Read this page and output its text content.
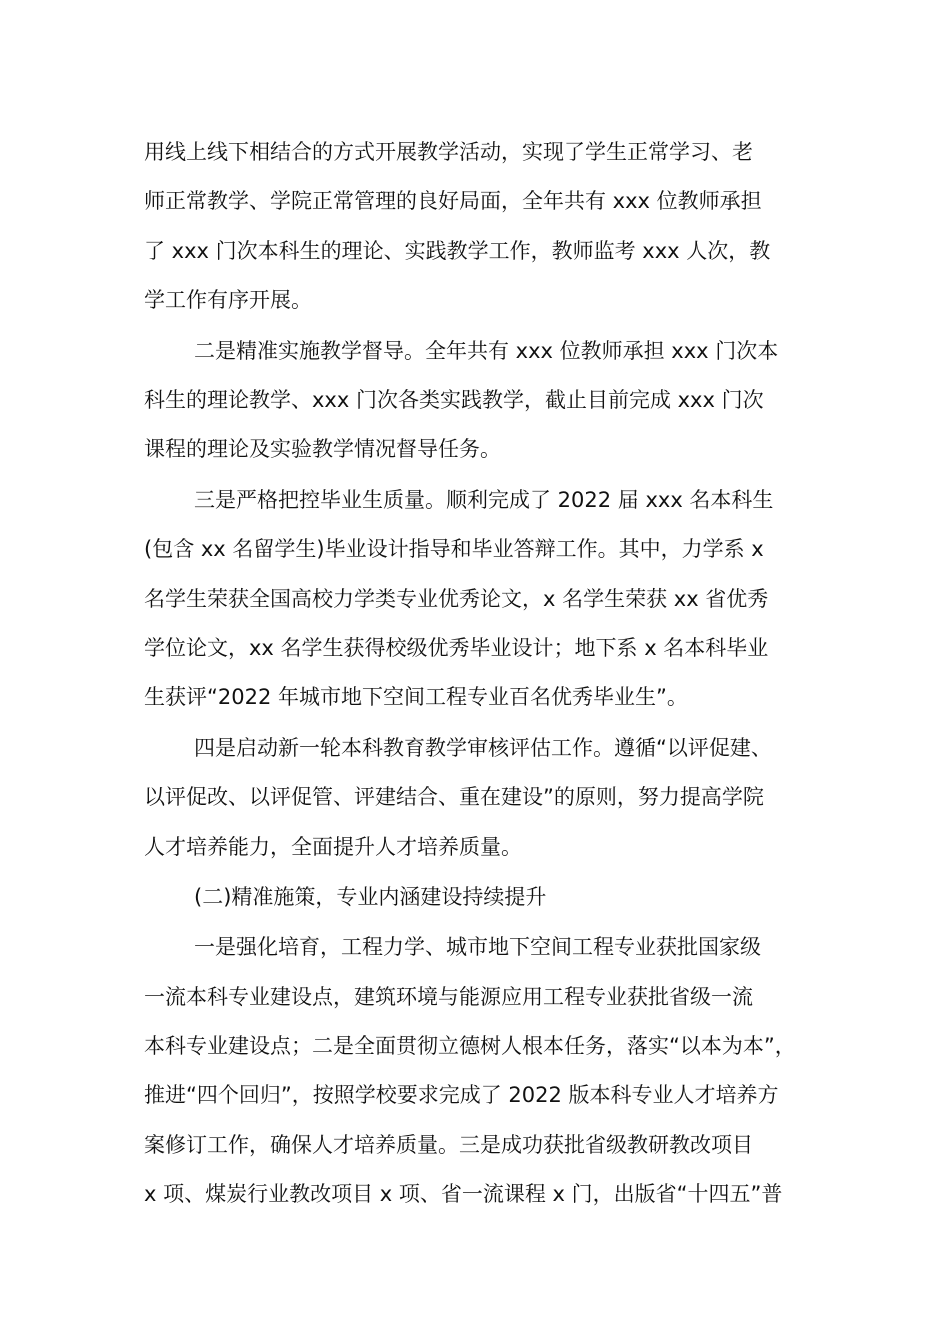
用线上线下相结合的方式开展教学活动，实现了学生正常学习、老
师正常教学、学院正常管理的良好局面，全年共有 xxx 位教师承担
了 xxx 门次本科生的理论、实践教学工作，教师监考 xxx 人次，教
学工作有序开展。
二是精准实施教学督导。全年共有 xxx 位教师承担 xxx 门次本
科生的理论教学、xxx 门次各类实践教学，截止目前完成 xxx 门次
课程的理论及实验教学情况督导任务。
三是严格把控毕业生质量。顺利完成了 2022 届 xxx 名本科生
(包含 xx 名留学生)毕业设计指导和毕业答辩工作。其中，力学系 x
名学生荣获全国高校力学类专业优秀论文，x 名学生荣获 xx 省优秀
学位论文，xx 名学生获得校级优秀毕业设计；地下系 x 名本科毕业
生获评“2022 年城市地下空间工程专业百名优秀毕业生”。
四是启动新一轮本科教育教学审核评估工作。遵循“以评促建、
以评促改、以评促管、评建结合、重在建设”的原则，努力提高学院
人才培养能力，全面提升人才培养质量。
(二)精准施策，专业内涵建设持续提升
一是强化培育，工程力学、城市地下空间工程专业获批国家级
一流本科专业建设点，建筑环境与能源应用工程专业获批省级一流
本科专业建设点；二是全面贯彻立德树人根本任务，落实“以本为本”，
推进“四个回归”，按照学校要求完成了 2022 版本科专业人才培养方
案修订工作，确保人才培养质量。三是成功获批省级教研教改项目
x 项、煤炭行业教改项目 x 项、省一流课程 x 门，出版省“十四五”普
